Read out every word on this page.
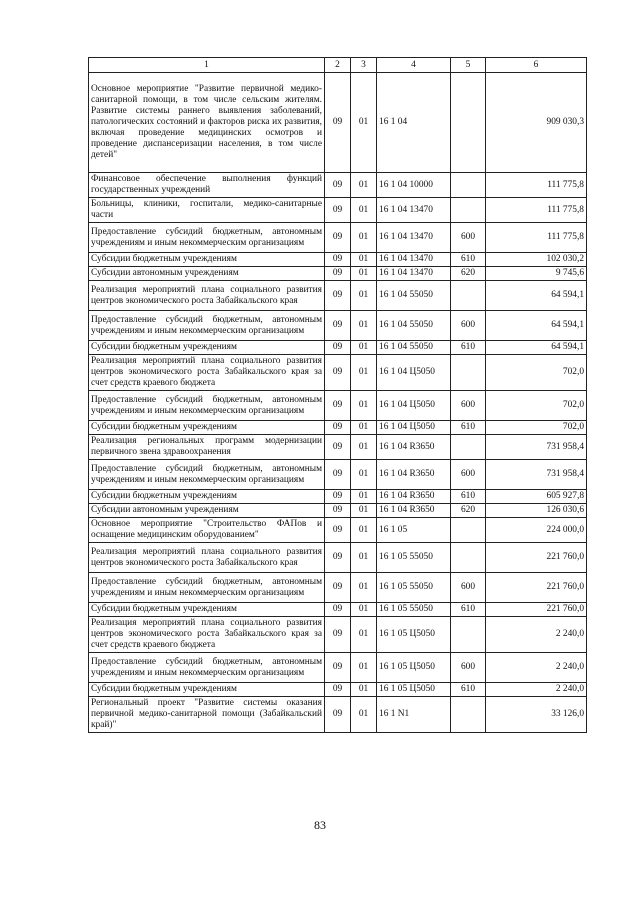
1	2	3	4	5	6
Основное мероприятие "Развитие первичной медико-санитарной помощи, в том числе сельским жителям. Развитие системы раннего выявления заболеваний, патологических состояний и факторов риска их развития, включая проведение медицинских осмотров и проведение диспансеризации населения, в том числе детей"	09	01	16 1 04		909 030,3
Финансовое обеспечение выполнения функций государственных учреждений	09	01	16 1 04 10000		111 775,8
Больницы, клиники, госпитали, медико-санитарные части	09	01	16 1 04 13470		111 775,8
Предоставление субсидий бюджетным, автономным учреждениям и иным некоммерческим организациям	09	01	16 1 04 13470	600	111 775,8
Субсидии бюджетным учреждениям	09	01	16 1 04 13470	610	102 030,2
Субсидии автономным учреждениям	09	01	16 1 04 13470	620	9 745,6
Реализация мероприятий плана социального развития центров экономического роста Забайкальского края	09	01	16 1 04 55050		64 594,1
Предоставление субсидий бюджетным, автономным учреждениям и иным некоммерческим организациям	09	01	16 1 04 55050	600	64 594,1
Субсидии бюджетным учреждениям	09	01	16 1 04 55050	610	64 594,1
Реализация мероприятий плана социального развития центров экономического роста Забайкальского края за счет средств краевого бюджета	09	01	16 1 04 Ц5050		702,0
Предоставление субсидий бюджетным, автономным учреждениям и иным некоммерческим организациям	09	01	16 1 04 Ц5050	600	702,0
Субсидии бюджетным учреждениям	09	01	16 1 04 Ц5050	610	702,0
Реализация региональных программ модернизации первичного звена здравоохранения	09	01	16 1 04 R3650		731 958,4
Предоставление субсидий бюджетным, автономным учреждениям и иным некоммерческим организациям	09	01	16 1 04 R3650	600	731 958,4
Субсидии бюджетным учреждениям	09	01	16 1 04 R3650	610	605 927,8
Субсидии автономным учреждениям	09	01	16 1 04 R3650	620	126 030,6
Основное мероприятие "Строительство ФАПов и оснащение медицинским оборудованием"	09	01	16 1 05		224 000,0
Реализация мероприятий плана социального развития центров экономического роста Забайкальского края	09	01	16 1 05 55050		221 760,0
Предоставление субсидий бюджетным, автономным учреждениям и иным некоммерческим организациям	09	01	16 1 05 55050	600	221 760,0
Субсидии бюджетным учреждениям	09	01	16 1 05 55050	610	221 760,0
Реализация мероприятий плана социального развития центров экономического роста Забайкальского края за счет средств краевого бюджета	09	01	16 1 05 Ц5050		2 240,0
Предоставление субсидий бюджетным, автономным учреждениям и иным некоммерческим организациям	09	01	16 1 05 Ц5050	600	2 240,0
Субсидии бюджетным учреждениям	09	01	16 1 05 Ц5050	610	2 240,0
Региональный проект "Развитие системы оказания первичной медико-санитарной помощи (Забайкальский край)"	09	01	16 1 N1		33 126,0
83
